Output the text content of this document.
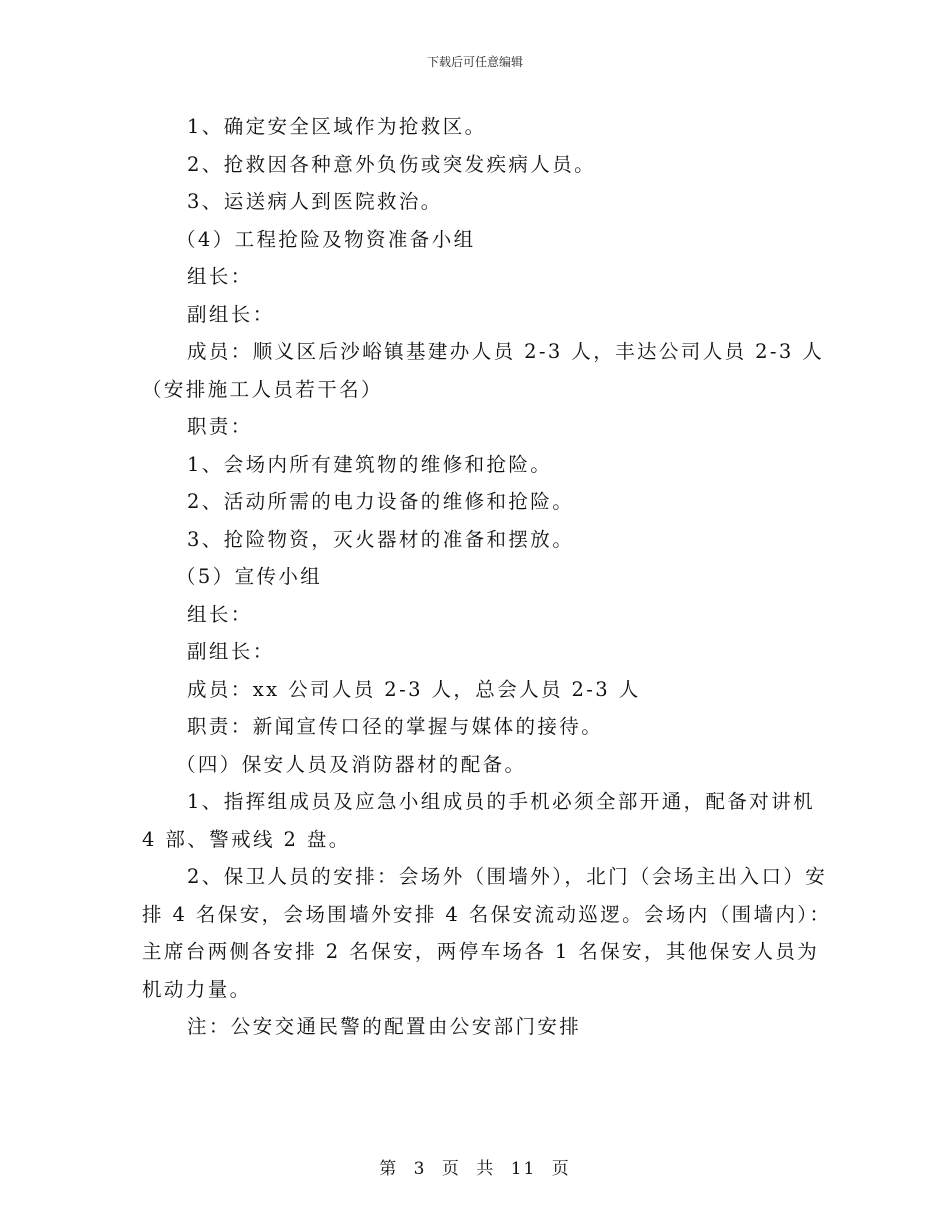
下载后可任意编辑

1、确定安全区域作为抢救区。

2、抢救因各种意外负伤或突发疾病人员。

3、运送病人到医院救治。

（4）工程抢险及物资准备小组

组长：

副组长：

成员：顺义区后沙峪镇基建办人员 2-3 人，丰达公司人员 2-3 人

（安排施工人员若干名）

职责：

1、会场内所有建筑物的维修和抢险。

2、活动所需的电力设备的维修和抢险。

3、抢险物资，灭火器材的准备和摆放。

（5）宣传小组

组长：

副组长：

成员：xx 公司人员 2-3 人，总会人员 2-3 人

职责：新闻宣传口径的掌握与媒体的接待。

（四）保安人员及消防器材的配备。

1、指挥组成员及应急小组成员的手机必须全部开通，配备对讲机 4 部、警戒线 2 盘。

2、保卫人员的安排：会场外（围墙外），北门（会场主出入口）安排 4 名保安，会场围墙外安排 4 名保安流动巡逻。会场内（围墙内）：主席台两侧各安排 2 名保安，两停车场各 1 名保安，其他保安人员为机动力量。

注：公安交通民警的配置由公安部门安排

第 3 页 共 11 页
